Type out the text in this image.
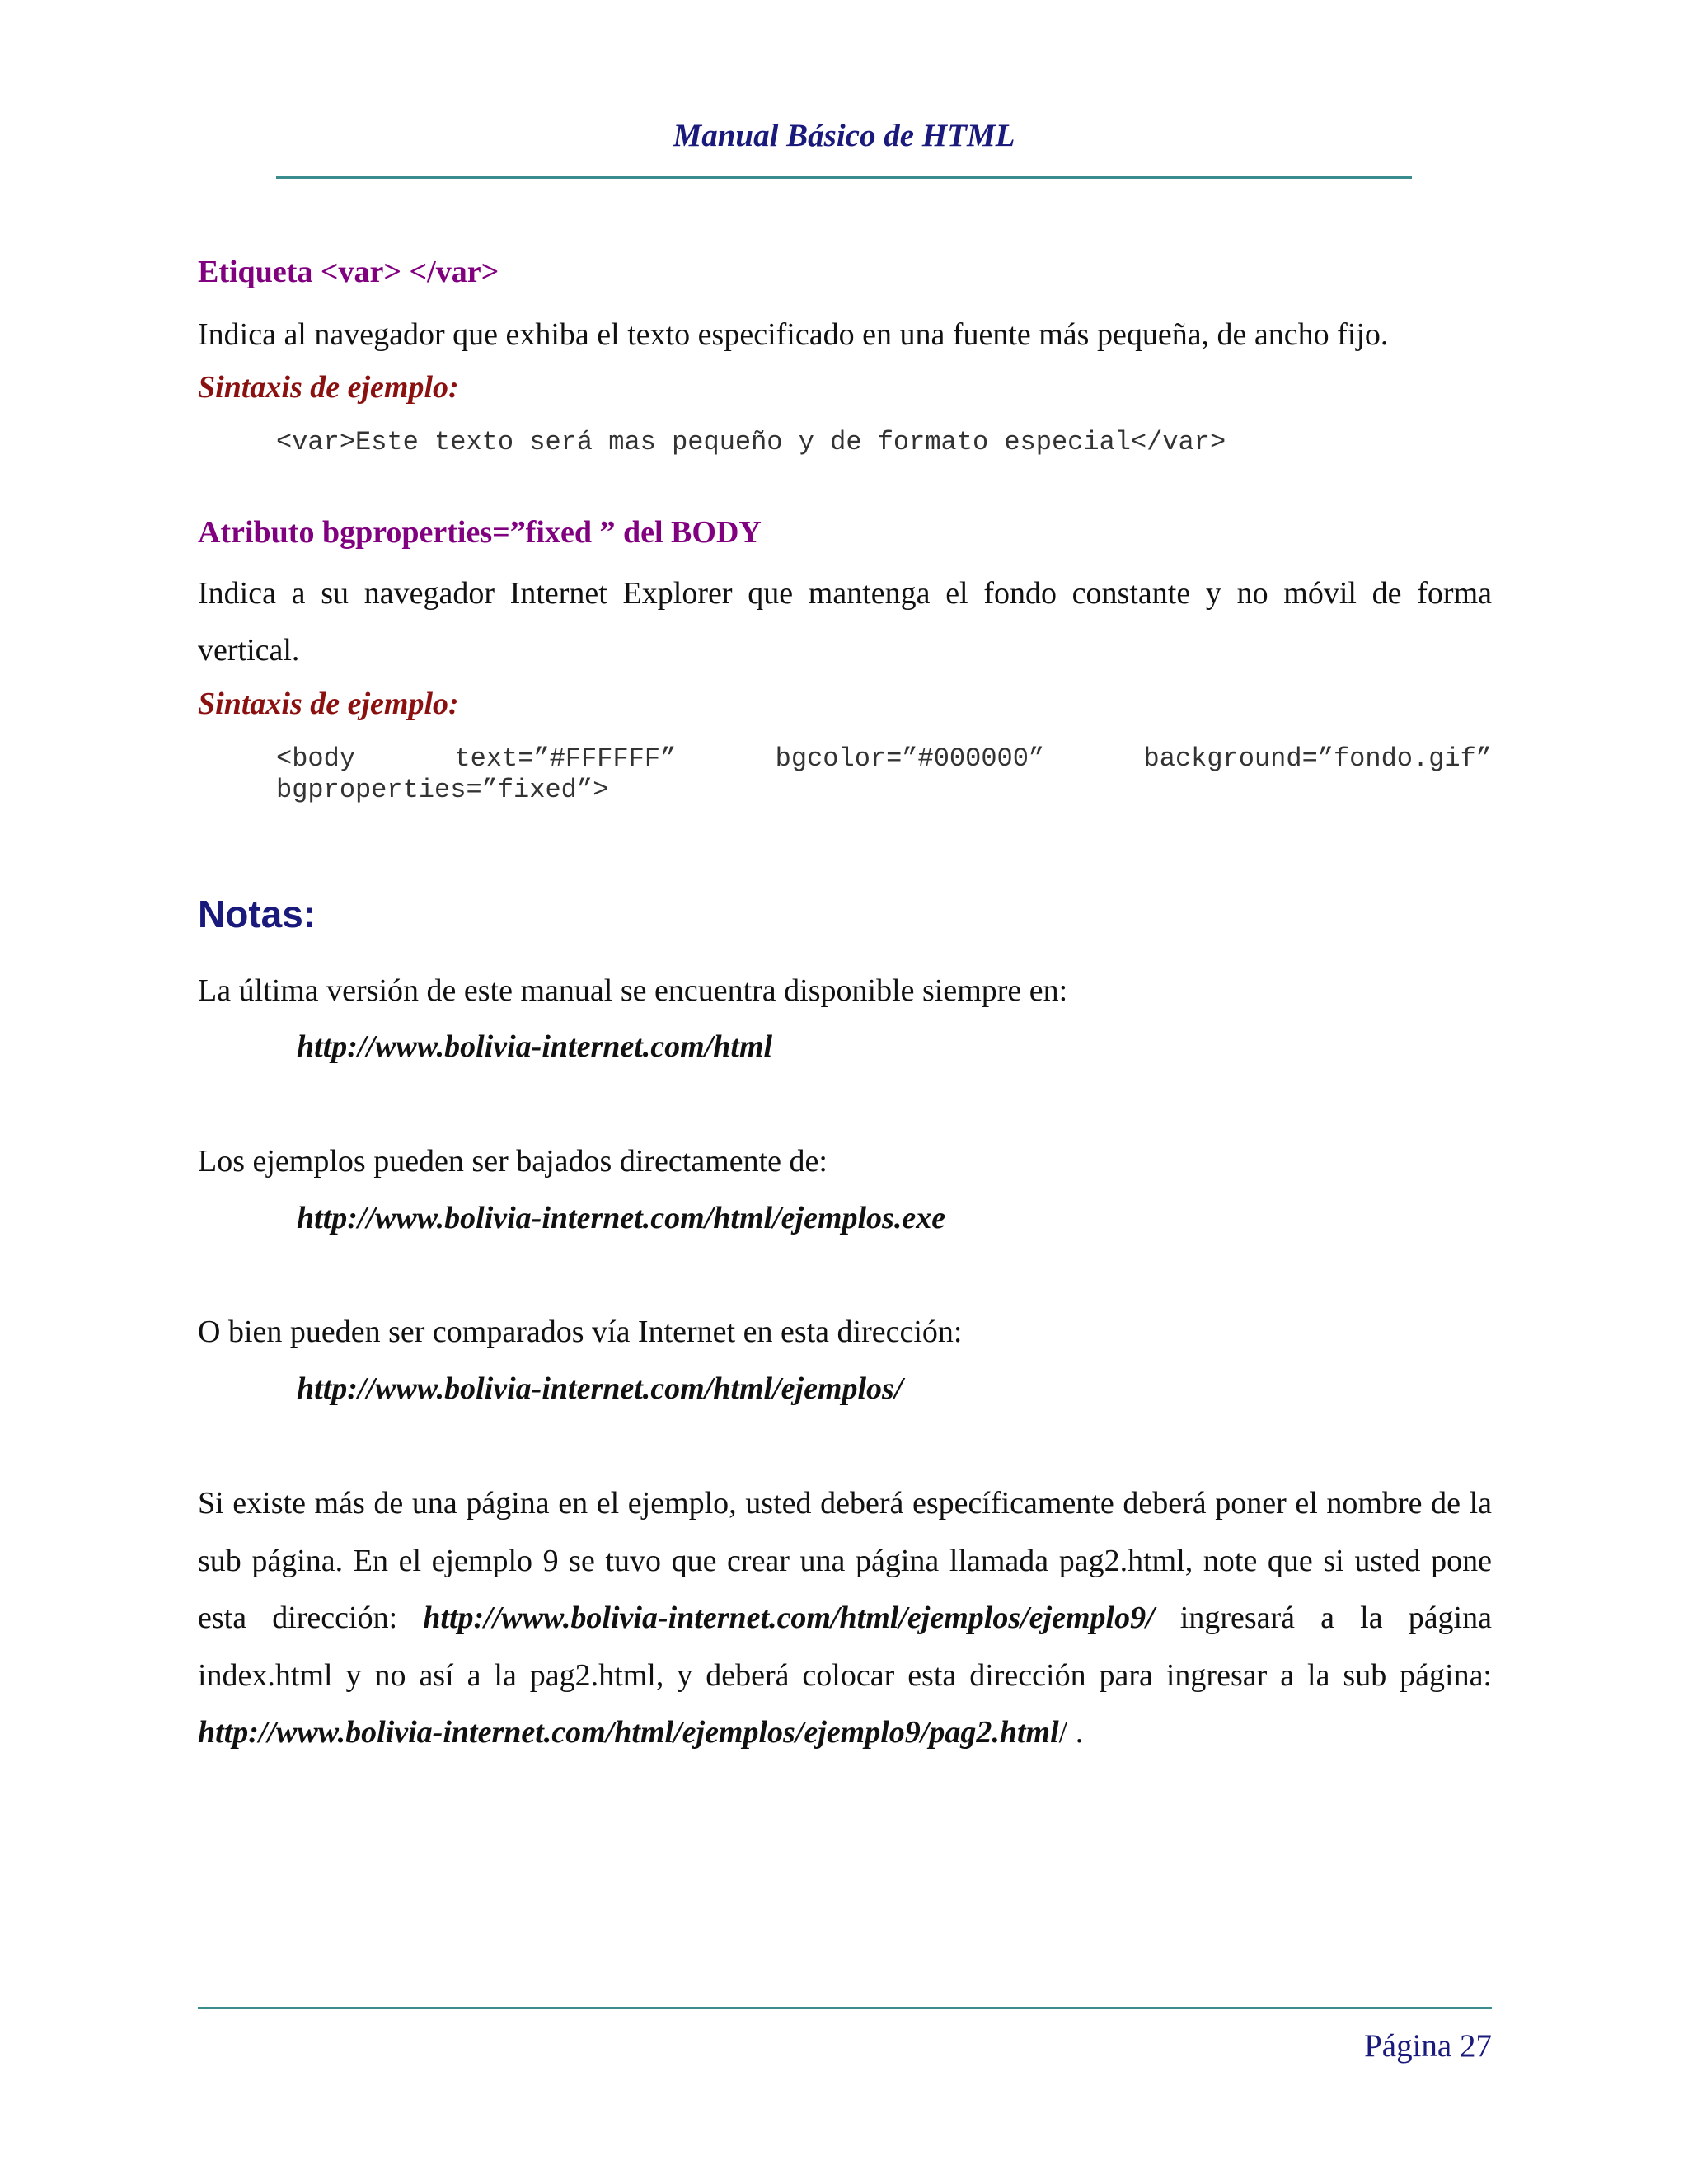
Manual Básico de HTML
Etiqueta <var> </var>
Indica al navegador que exhiba el texto especificado en una fuente más pequeña, de ancho fijo.
Sintaxis de ejemplo:
<var>Este texto será mas pequeño y de formato especial</var>
Atributo bgproperties=”fixed ” del BODY
Indica a su navegador Internet Explorer que mantenga el fondo constante y no móvil de forma
vertical.
Sintaxis de ejemplo:
<body	text=”#FFFFFF”	bgcolor=”#000000”	background=”fondo.gif”
bgproperties=”fixed”>
Notas:
La última versión de este manual se encuentra disponible siempre en:
http://www.bolivia-internet.com/html
Los ejemplos pueden ser bajados directamente de:
http://www.bolivia-internet.com/html/ejemplos.exe
O bien pueden ser comparados vía Internet en esta dirección:
http://www.bolivia-internet.com/html/ejemplos/
Si existe más de una página en el ejemplo, usted deberá específicamente deberá poner el nombre de la sub página. En el ejemplo 9 se tuvo que crear una página llamada pag2.html, note que si usted pone esta dirección: http://www.bolivia-internet.com/html/ejemplos/ejemplo9/ ingresará a la página index.html y no así a la pag2.html, y deberá colocar esta dirección para ingresar a la sub página: http://www.bolivia-internet.com/html/ejemplos/ejemplo9/pag2.html/ .
Página 27
